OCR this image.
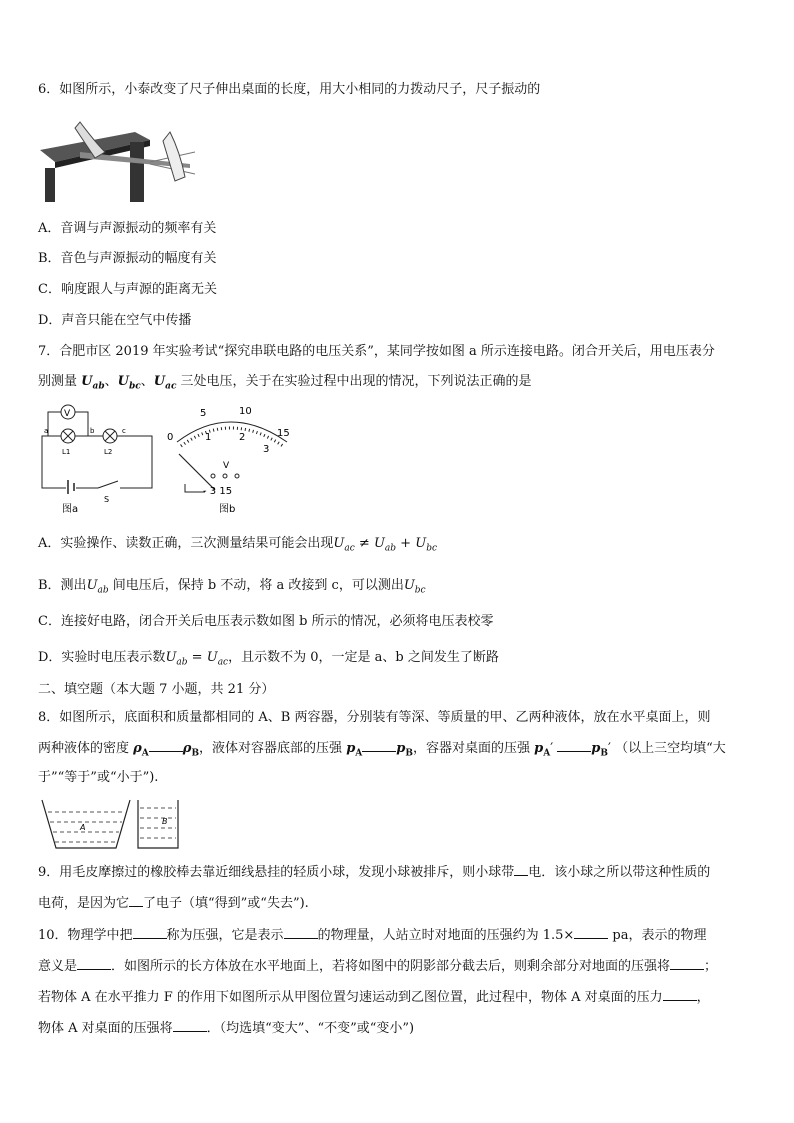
6．如图所示，小泰改变了尺子伸出桌面的长度，用大小相同的力拨动尺子，尺子振动的
A．音调与声源振动的频率有关
B．音色与声源振动的幅度有关
C．响度跟人与声源的距离无关
D．声音只能在空气中传播
7．合肥市区 2019 年实验考试“探究串联电路的电压关系”，某同学按如图 a 所示连接电路。闭合开关后，用电压表分
别测量 $U_{ab}$、$U_{bc}$、$U_{ac}$ 三处电压，关于在实验过程中出现的情况，下列说法正确的是
V
a	b	c
L1	L2
S
图a
5	10
0	1	2
3
15
V
- 3 15
图b
A．实验操作、读数正确，三次测量结果可能会出现$U_{ac} \ne U_{ab} + U_{bc}$
B．测出$U_{ab}$ 间电压后，保持 b 不动，将 a 改接到 c，可以测出$U_{bc}$
C．连接好电路，闭合开关后电压表示数如图 b 所示的情况，必须将电压表校零
D．实验时电压表示数$U_{ab} = U_{ac}$，且示数不为 0，一定是 a、b 之间发生了断路
二、填空题（本大题 7 小题，共 21 分）
8．如图所示，底面积和质量都相同的 A、B 两容器，分别装有等深、等质量的甲、乙两种液体，放在水平桌面上，则
两种液体的密度 $\rho_A$	$\rho_B$，液体对容器底部的压强 $p_A$	$p_B$，容器对桌面的压强 $p_A'$	$p_B'$ （以上三空均填“大
于”“等于”或“小于”).
A
B
9．用毛皮摩擦过的橡胶棒去靠近细线悬挂的轻质小球，发现小球被排斥，则小球带 电．该小球之所以带这种性质的
电荷，是因为它 了电子（填“得到”或“失去”).
10．物理学中把	称为压强，它是表示	的物理量，人站立时对地面的压强约为 1.5×	pa，表示的物理
意义是	．如图所示的长方体放在水平地面上，若将如图中的阴影部分截去后，则剩余部分对地面的压强将	；
若物体 A 在水平推力 F 的作用下如图所示从甲图位置匀速运动到乙图位置，此过程中，物体 A 对桌面的压力	，
物体 A 对桌面的压强将	．（均选填“变大”、“不变”或“变小”)
